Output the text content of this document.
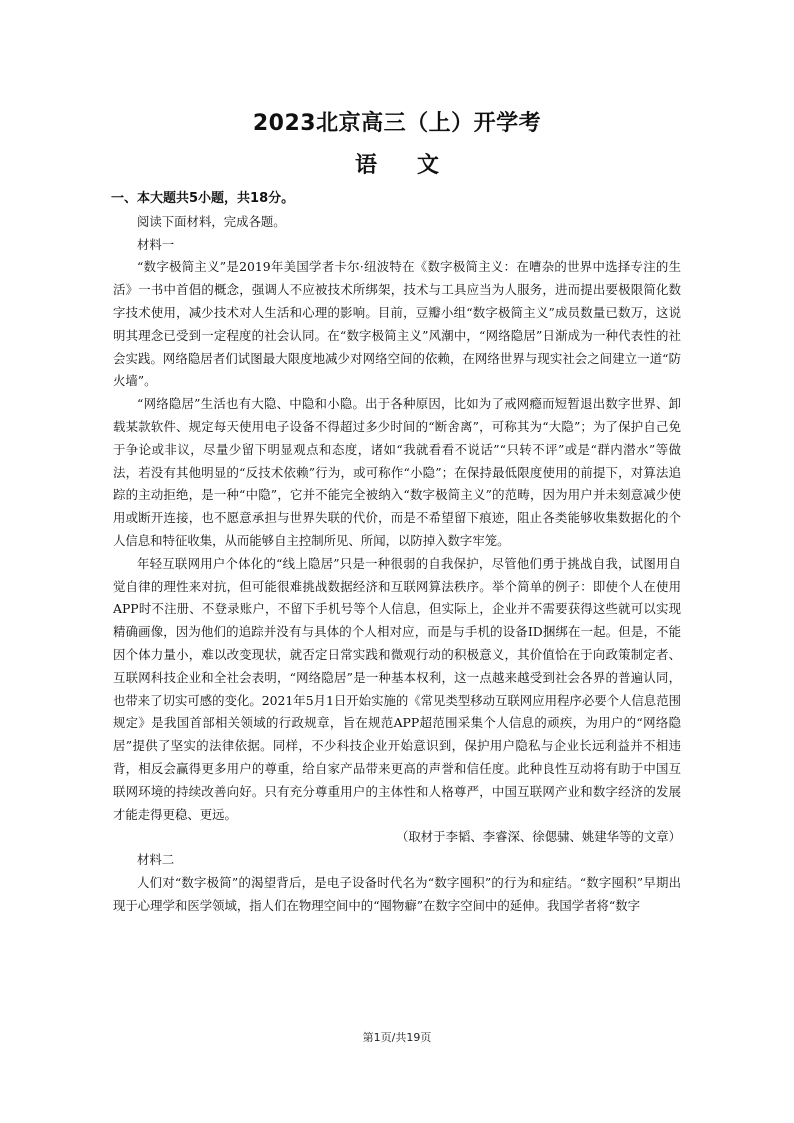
2023北京高三（上）开学考
语文
一、本大题共5小题，共18分。
阅读下面材料，完成各题。
材料一

“数字极简主义”是2019年美国学者卡尔·纽波特在《数字极简主义：在嘈杂的世界中选择专注的生活》一书中首倡的概念，强调人不应被技术所绑架，技术与工具应当为人服务，进而提出要极限简化数字技术使用，减少技术对人生活和心理的影响。目前，豆瓣小组“数字极简主义”成员数量已数万，这说明其理念已受到一定程度的社会认同。在“数字极简主义”风潮中，“网络隐居”日渐成为一种代表性的社会实践。网络隐居者们试图最大限度地减少对网络空间的依赖，在网络世界与现实社会之间建立一道“防火墙”。

“网络隐居”生活也有大隐、中隐和小隐。出于各种原因，比如为了戒网瘾而短暂退出数字世界、卸载某款软件、规定每天使用电子设备不得超过多少时间的“断舍离”，可称其为“大隐”；为了保护自己免于争论或非议，尽量少留下明显观点和态度，诸如“我就看看不说话”“只转不评”或是“群内潜水”等做法，若没有其他明显的“反技术依赖”行为，或可称作“小隐”；在保持最低限度使用的前提下，对算法追踪的主动拒绝，是一种“中隐”，它并不能完全被纳入“数字极简主义”的范畴，因为用户并未刻意减少使用或断开连接，也不愿意承担与世界失联的代价，而是不希望留下痕迹，阻止各类能够收集数据化的个人信息和特征收集，从而能够自主控制所见、所闻，以防掉入数字牢笼。

年轻互联网用户个体化的“线上隐居”只是一种很弱的自我保护，尽管他们勇于挑战自我，试图用自觉自律的理性来对抗，但可能很难挑战数据经济和互联网算法秩序。举个简单的例子：即使个人在使用APP时不注册、不登录账户，不留下手机号等个人信息，但实际上，企业并不需要获得这些就可以实现精确画像，因为他们的追踪并没有与具体的个人相对应，而是与手机的设备ID捆绑在一起。但是，不能因个体力量小，难以改变现状，就否定日常实践和微观行动的积极意义，其价值恰在于向政策制定者、互联网科技企业和全社会表明，“网络隐居”是一种基本权利，这一点越来越受到社会各界的普遍认同，也带来了切实可感的变化。2021年5月1日开始实施的《常见类型移动互联网应用程序必要个人信息范围规定》是我国首部相关领域的行政规章，旨在规范APP超范围采集个人信息的顽疾，为用户的“网络隐居”提供了坚实的法律依据。同样，不少科技企业开始意识到，保护用户隐私与企业长远利益并不相违背，相反会赢得更多用户的尊重，给自家产品带来更高的声誉和信任度。此种良性互动将有助于中国互联网环境的持续改善向好。只有充分尊重用户的主体性和人格尊严，中国互联网产业和数字经济的发展才能走得更稳、更远。

（取材于李韬、李睿深、徐偲骕、姚建华等的文章）

材料二

人们对“数字极简”的渴望背后，是电子设备时代名为“数字囤积”的行为和症结。“数字囤积”早期出现于心理学和医学领域，指人们在物理空间中的“囤物癖”在数字空间中的延伸。我国学者将“数字

第1页/共19页
